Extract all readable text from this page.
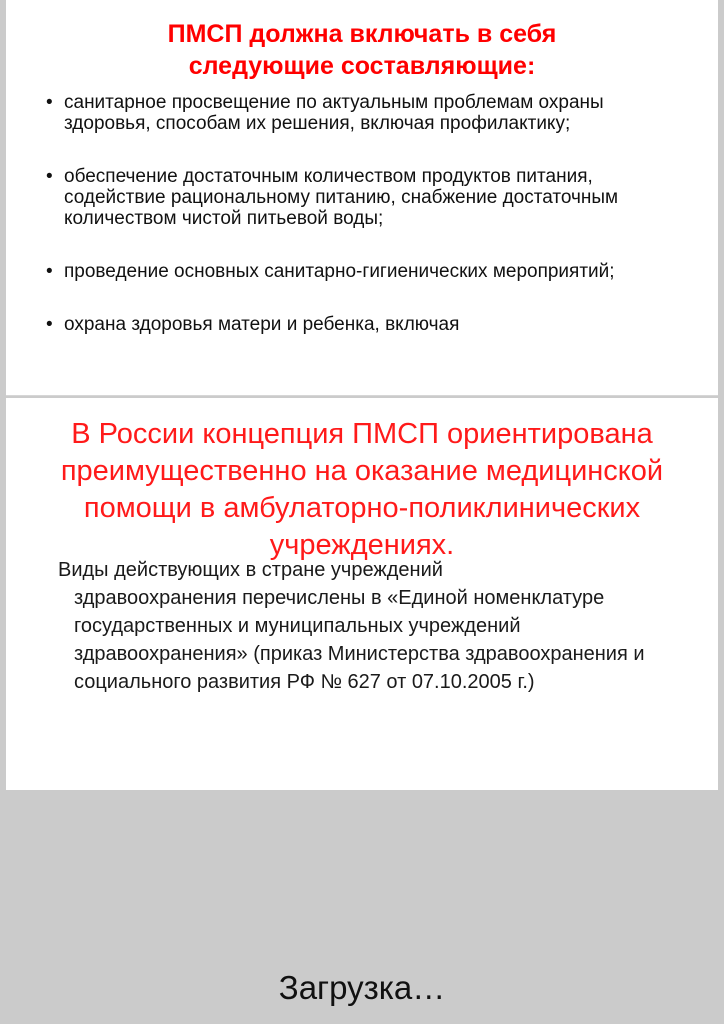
ПМСП должна включать в себя
следующие составляющие:
• санитарное просвещение по актуальным проблемам охраны здоровья, способам их решения, включая профилактику;
• обеспечение достаточным количеством продуктов питания, содействие рациональному питанию, снабжение достаточным количеством чистой питьевой воды;
• проведение основных санитарно-гигиенических мероприятий;
• охрана здоровья матери и ребенка, включая
В России концепция ПМСП ориентирована преимущественно на оказание медицинской помощи в амбулаторно-поликлинических учреждениях.
Виды действующих в стране учреждений
здравоохранения перечислены в «Единой номенклатуре государственных и муниципальных учреждений здравоохранения» (приказ Министерства здравоохранения и социального развития РФ № 627 от 07.10.2005 г.)
Загрузка…
